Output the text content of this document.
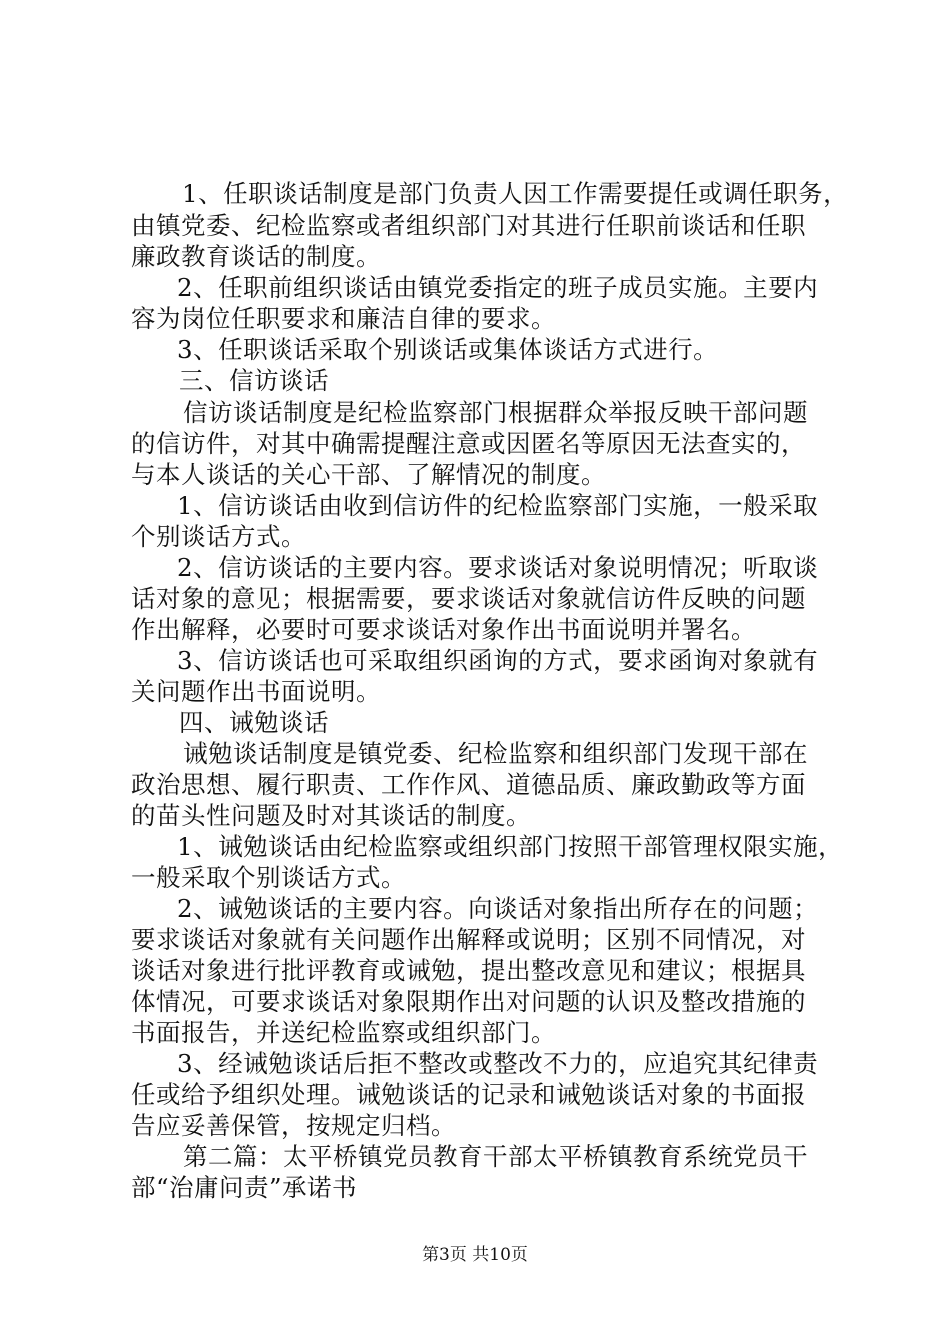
1、任职谈话制度是部门负责人因工作需要提任或调任职务，
由镇党委、纪检监察或者组织部门对其进行任职前谈话和任职
廉政教育谈话的制度。
2、任职前组织谈话由镇党委指定的班子成员实施。主要内
容为岗位任职要求和廉洁自律的要求。
3、任职谈话采取个别谈话或集体谈话方式进行。
三、信访谈话
信访谈话制度是纪检监察部门根据群众举报反映干部问题
的信访件，对其中确需提醒注意或因匿名等原因无法查实的，
与本人谈话的关心干部、了解情况的制度。
1、信访谈话由收到信访件的纪检监察部门实施，一般采取
个别谈话方式。
2、信访谈话的主要内容。要求谈话对象说明情况；听取谈
话对象的意见；根据需要，要求谈话对象就信访件反映的问题
作出解释，必要时可要求谈话对象作出书面说明并署名。
3、信访谈话也可采取组织函询的方式，要求函询对象就有
关问题作出书面说明。
四、诫勉谈话
诫勉谈话制度是镇党委、纪检监察和组织部门发现干部在
政治思想、履行职责、工作作风、道德品质、廉政勤政等方面
的苗头性问题及时对其谈话的制度。
1、诫勉谈话由纪检监察或组织部门按照干部管理权限实施，
一般采取个别谈话方式。
2、诫勉谈话的主要内容。向谈话对象指出所存在的问题；
要求谈话对象就有关问题作出解释或说明；区别不同情况，对
谈话对象进行批评教育或诫勉，提出整改意见和建议；根据具
体情况，可要求谈话对象限期作出对问题的认识及整改措施的
书面报告，并送纪检监察或组织部门。
3、经诫勉谈话后拒不整改或整改不力的，应追究其纪律责
任或给予组织处理。诫勉谈话的记录和诫勉谈话对象的书面报
告应妥善保管，按规定归档。
第二篇：太平桥镇党员教育干部太平桥镇教育系统党员干
部“治庸问责”承诺书
第3页 共10页
